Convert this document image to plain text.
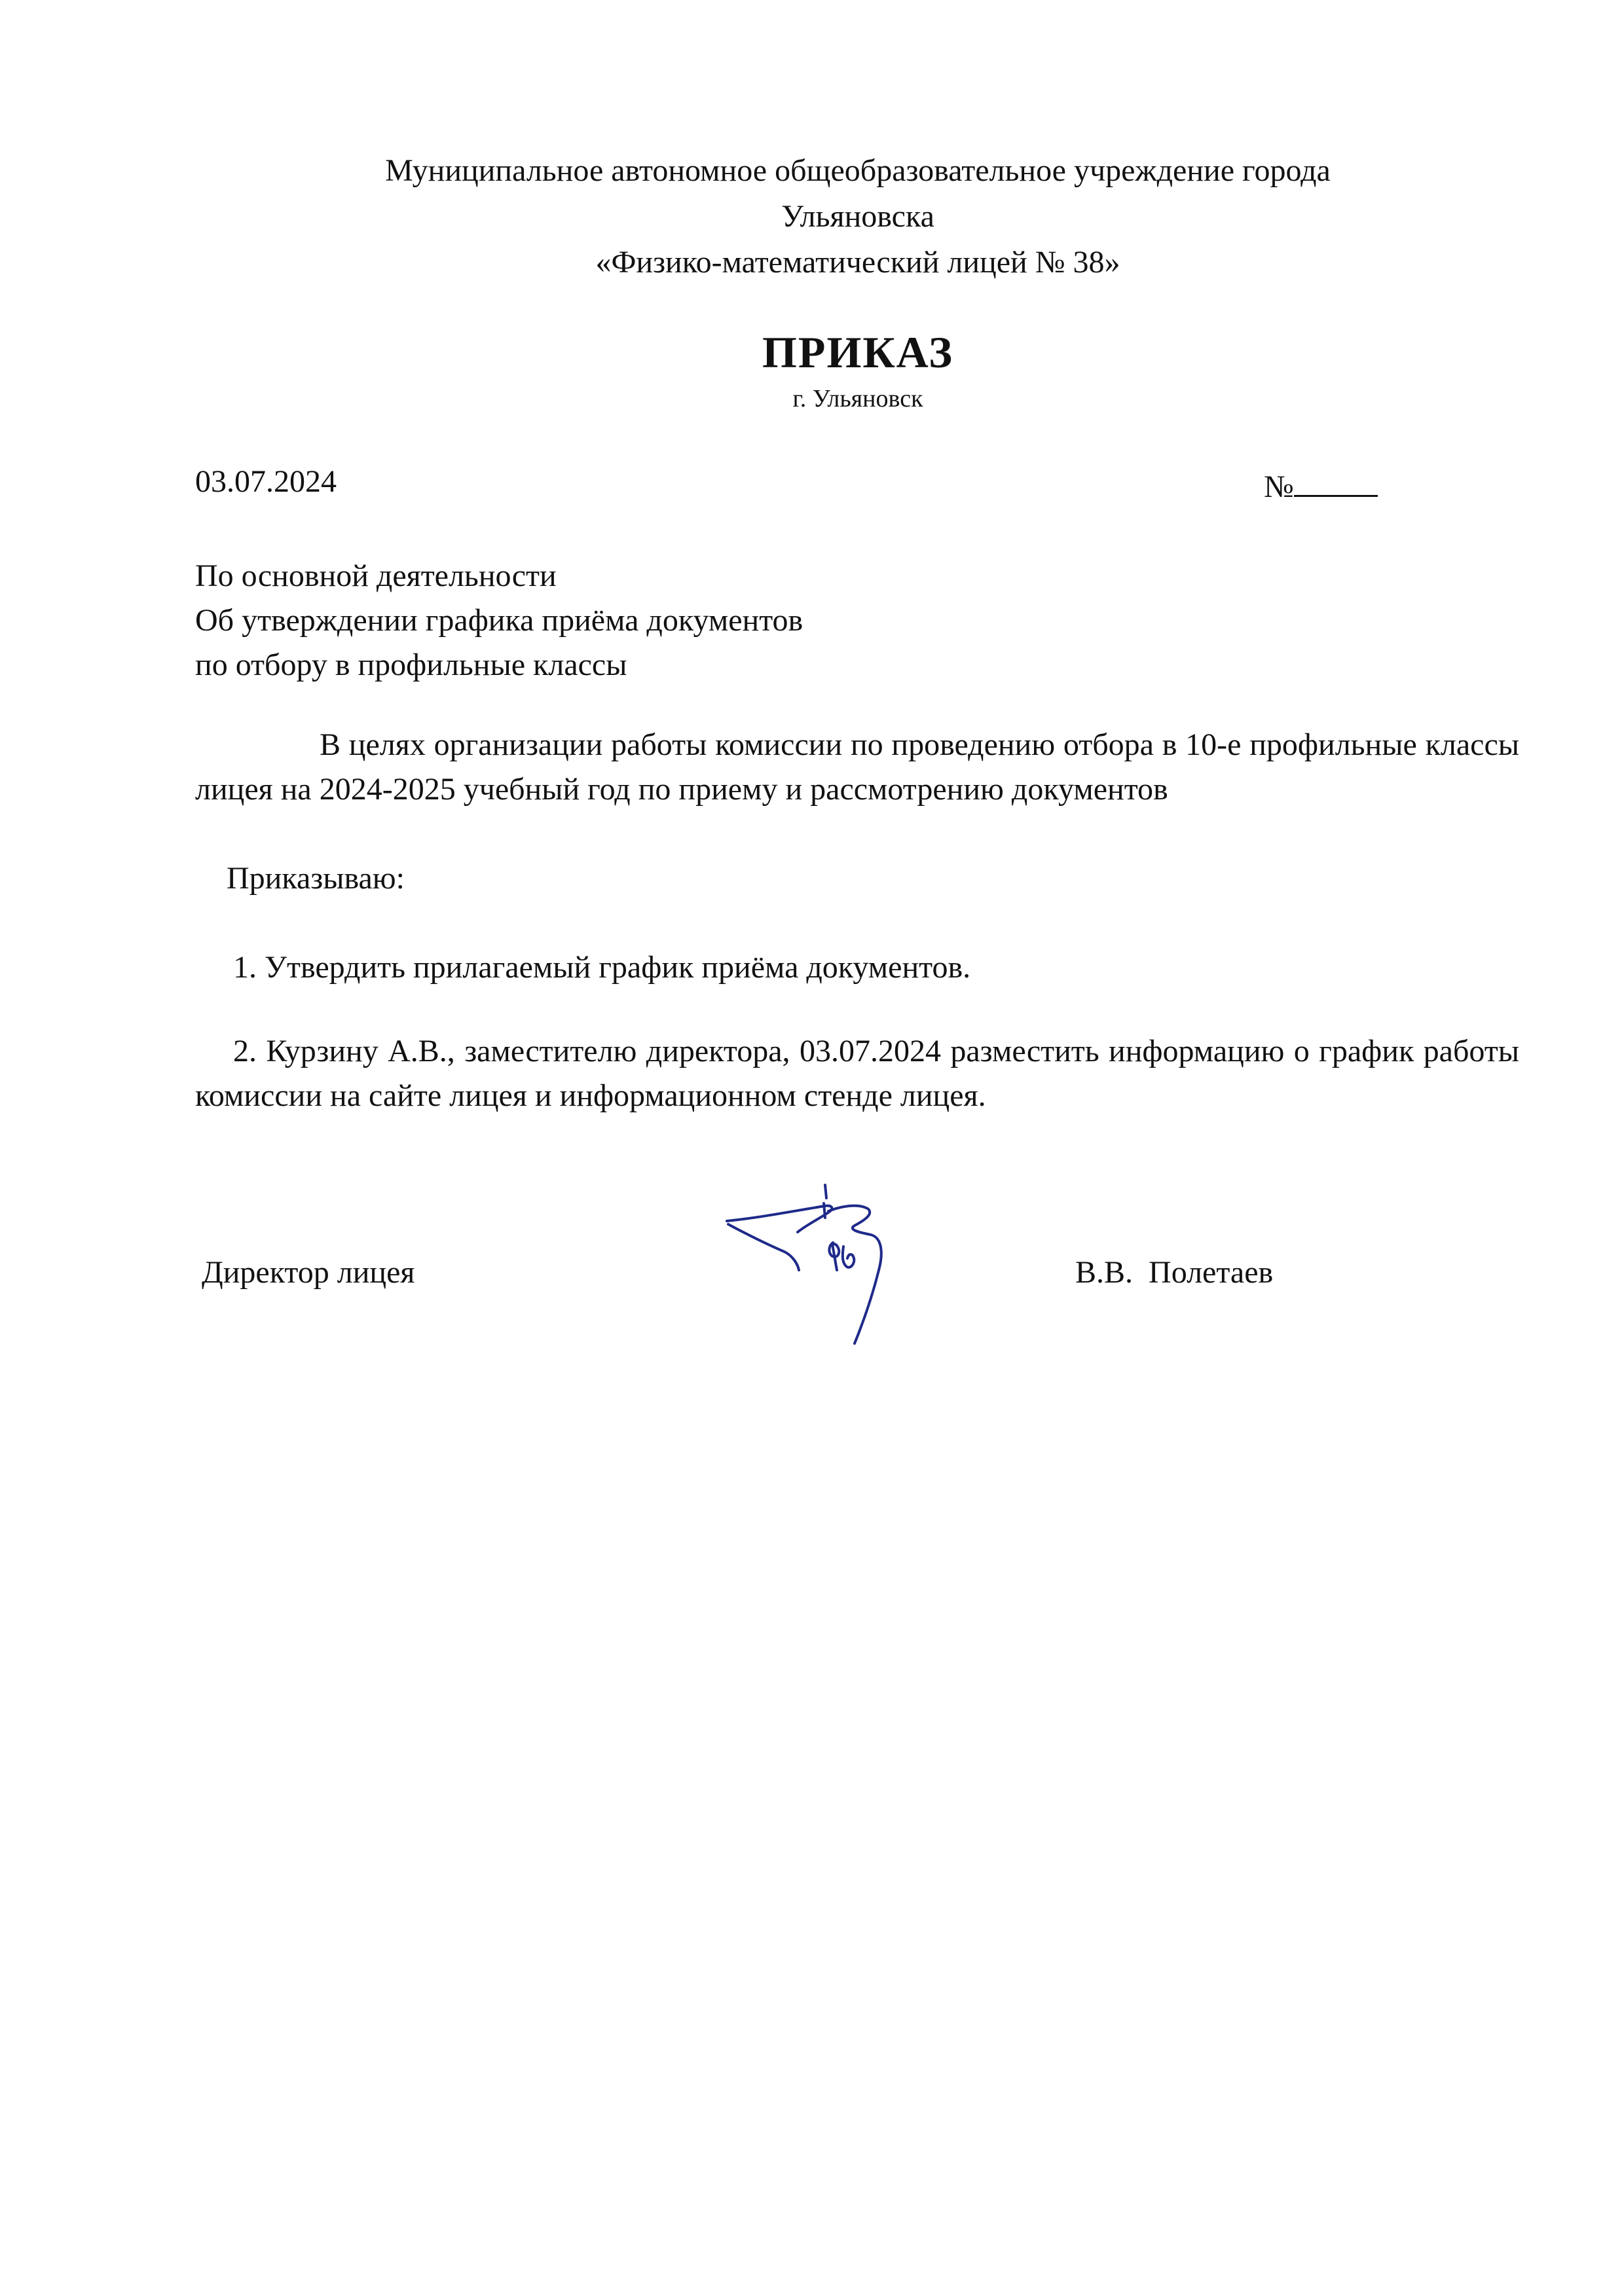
Муниципальное автономное общеобразовательное учреждение города

Ульяновска

«Физико-математический лицей № 38»

ПРИКАЗ

г. Ульяновск

03.07.2024	№

По основной деятельности

Об утверждении графика приёма документов

по отбору в профильные классы

В целях организации работы комиссии по проведению отбора в 10-е профильные классы лицея на 2024-2025 учебный год по приему и рассмотрению документов

Приказываю:

1. Утвердить прилагаемый график приёма документов.

2. Курзину А.В., заместителю директора, 03.07.2024 разместить информацию о график работы комиссии на сайте лицея и информационном стенде лицея.

Директор лицея	В.В.  Полетаев
